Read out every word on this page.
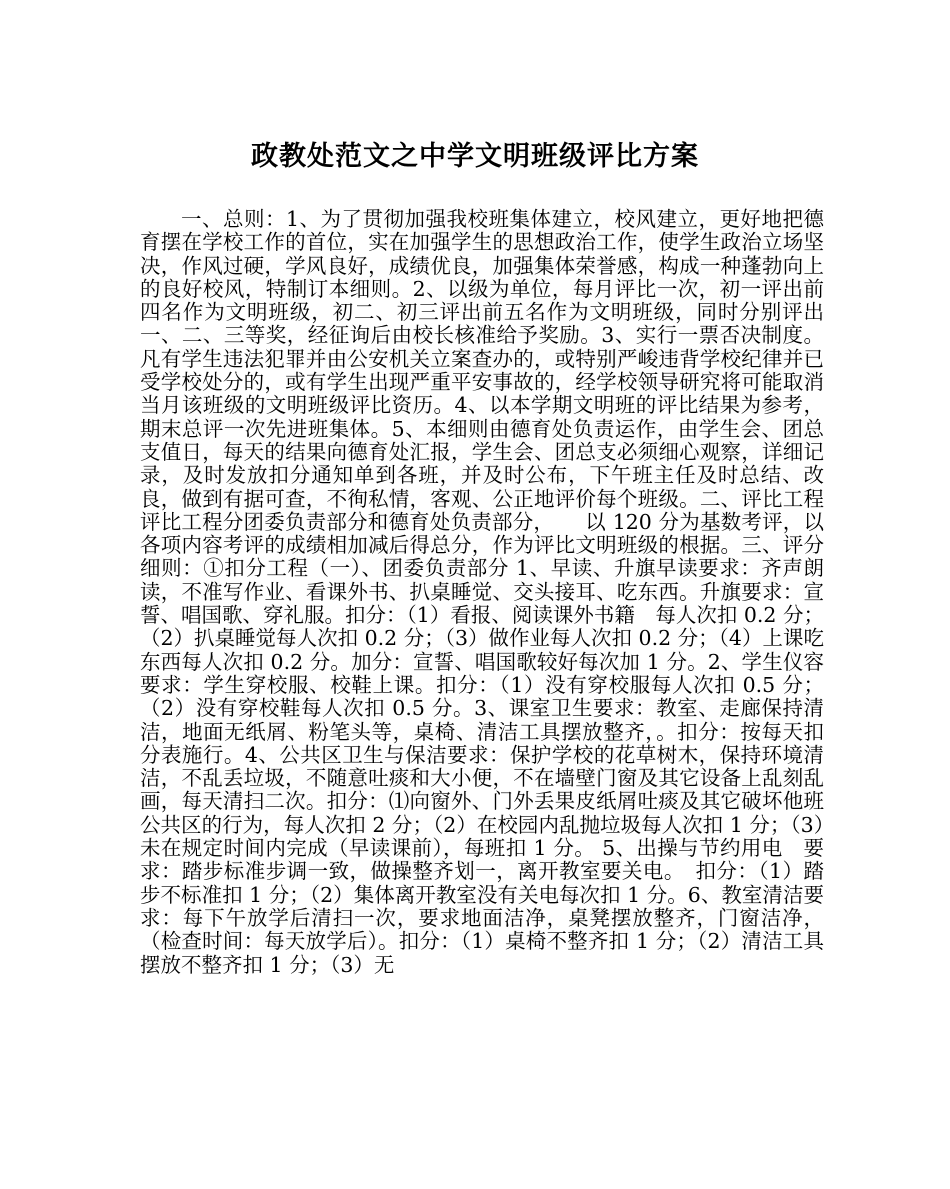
政教处范文之中学文明班级评比方案
一、总则：1、为了贯彻加强我校班集体建立，校风建立，更好地把德育摆在学校工作的首位，实在加强学生的思想政治工作，使学生政治立场坚决，作风过硬，学风良好，成绩优良，加强集体荣誉感，构成一种蓬勃向上的良好校风，特制订本细则。2、以级为单位，每月评比一次，初一评出前四名作为文明班级，初二、初三评出前五名作为文明班级，同时分别评出一、二、三等奖，经征询后由校长核准给予奖励。3、实行一票否决制度。凡有学生违法犯罪并由公安机关立案查办的，或特别严峻违背学校纪律并已受学校处分的，或有学生出现严重平安事故的，经学校领导研究将可能取消当月该班级的文明班级评比资历。4、以本学期文明班的评比结果为参考，期末总评一次先进班集体。5、本细则由德育处负责运作，由学生会、团总支值日，每天的结果向德育处汇报，学生会、团总支必须细心观察，详细记录，及时发放扣分通知单到各班，并及时公布，下午班主任及时总结、改良，做到有据可查，不徇私情，客观、公正地评价每个班级。二、评比工程评比工程分团委负责部分和德育处负责部分，　　以 120 分为基数考评，以各项内容考评的成绩相加减后得总分，作为评比文明班级的根据。三、评分细则：①扣分工程（一）、团委负责部分 1、早读、升旗早读要求：齐声朗读，不准写作业、看课外书、扒桌睡觉、交头接耳、吃东西。升旗要求：宣誓、唱国歌、穿礼服。扣分：（1）看报、阅读课外书籍　每人次扣 0.2 分；（2）扒桌睡觉每人次扣 0.2 分；（3）做作业每人次扣 0.2 分；（4）上课吃东西每人次扣 0.2 分。加分：宣誓、唱国歌较好每次加 1 分。2、学生仪容要求：学生穿校服、校鞋上课。扣分：（1）没有穿校服每人次扣 0.5 分；（2）没有穿校鞋每人次扣 0.5 分。3、课室卫生要求：教室、走廊保持清洁，地面无纸屑、粉笔头等，桌椅、清洁工具摆放整齐，。扣分：按每天扣分表施行。4、公共区卫生与保洁要求：保护学校的花草树木，保持环境清洁，不乱丢垃圾，不随意吐痰和大小便，不在墙壁门窗及其它设备上乱刻乱画，每天清扫二次。扣分：⑴向窗外、门外丢果皮纸屑吐痰及其它破坏他班公共区的行为，每人次扣 2 分；（2）在校园内乱抛垃圾每人次扣 1 分；（3）未在规定时间内完成（早读课前），每班扣 1 分。 5、出操与节约用电　要求：踏步标准步调一致，做操整齐划一，离开教室要关电。　扣分：（1）踏步不标准扣 1 分；（2）集体离开教室没有关电每次扣 1 分。6、教室清洁要求：每下午放学后清扫一次，要求地面洁净，桌凳摆放整齐，门窗洁净，（检查时间：每天放学后）。扣分：（1）桌椅不整齐扣 1 分；（2）清洁工具摆放不整齐扣 1 分；（3）无
